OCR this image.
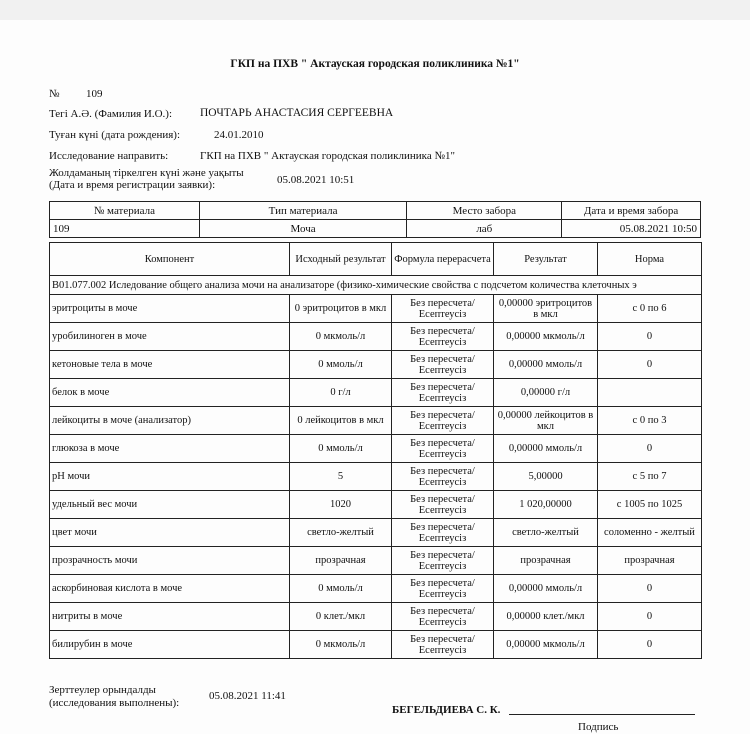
ГКП на ПХВ " Актауская городская поликлиника №1"
№ 109
Тегі А.Ә. (Фамилия И.О.): ПОЧТАРЬ АНАСТАСИЯ СЕРГЕЕВНА
Туған күні (дата рождения):	24.01.2010
Исследование направить:	ГКП на ПХВ " Актауская городская поликлиника №1"
Жолдаманың тіркелген күні және уақыты
(Дата и время регистрации заявки):	05.08.2021 10:51
№ материала	Тип материала	Место забора	Дата и время забора
109	Моча	лаб	05.08.2021 10:50
Компонент	Исходный результат	Формула перерасчета	Результат	Норма
B01.077.002 Иследование общего анализа мочи на анализаторе (физико-химические свойства с подсчетом количества клеточных э				
эритроциты в моче	0 эритроцитов в мкл	Без пересчета/ Есептеусіз	0,00000 эритроцитов в мкл	с 0 по 6
уробилиноген в моче	0 мкмоль/л	Без пересчета/ Есептеусіз	0,00000 мкмоль/л	0
кетоновые тела в моче	0 ммоль/л	Без пересчета/ Есептеусіз	0,00000 ммоль/л	0
белок в моче	0 г/л	Без пересчета/ Есептеусіз	0,00000 г/л	
лейкоциты в моче (анализатор)	0 лейкоцитов в мкл	Без пересчета/ Есептеусіз	0,00000 лейкоцитов в мкл	с 0 по 3
глюкоза в моче	0 ммоль/л	Без пересчета/ Есептеусіз	0,00000 ммоль/л	0
pH мочи	5	Без пересчета/ Есептеусіз	5,00000	с 5 по 7
удельный вес мочи	1020	Без пересчета/ Есептеусіз	1 020,00000	с 1005 по 1025
цвет мочи	светло-желтый	Без пересчета/ Есептеусіз	светло-желтый	соломенно - желтый
прозрачность мочи	прозрачная	Без пересчета/ Есептеусіз	прозрачная	прозрачная
аскорбиновая кислота в моче	0 ммоль/л	Без пересчета/ Есептеусіз	0,00000 ммоль/л	0
нитриты в моче	0 клет./мкл	Без пересчета/ Есептеусіз	0,00000 клет./мкл	0
билирубин в моче	0 мкмоль/л	Без пересчета/ Есептеусіз	0,00000 мкмоль/л	0
Зерттеулер орындалды
(исследования выполнены):
05.08.2021 11:41
БЕГЕЛЬДИЕВА С. К.
Подпись
